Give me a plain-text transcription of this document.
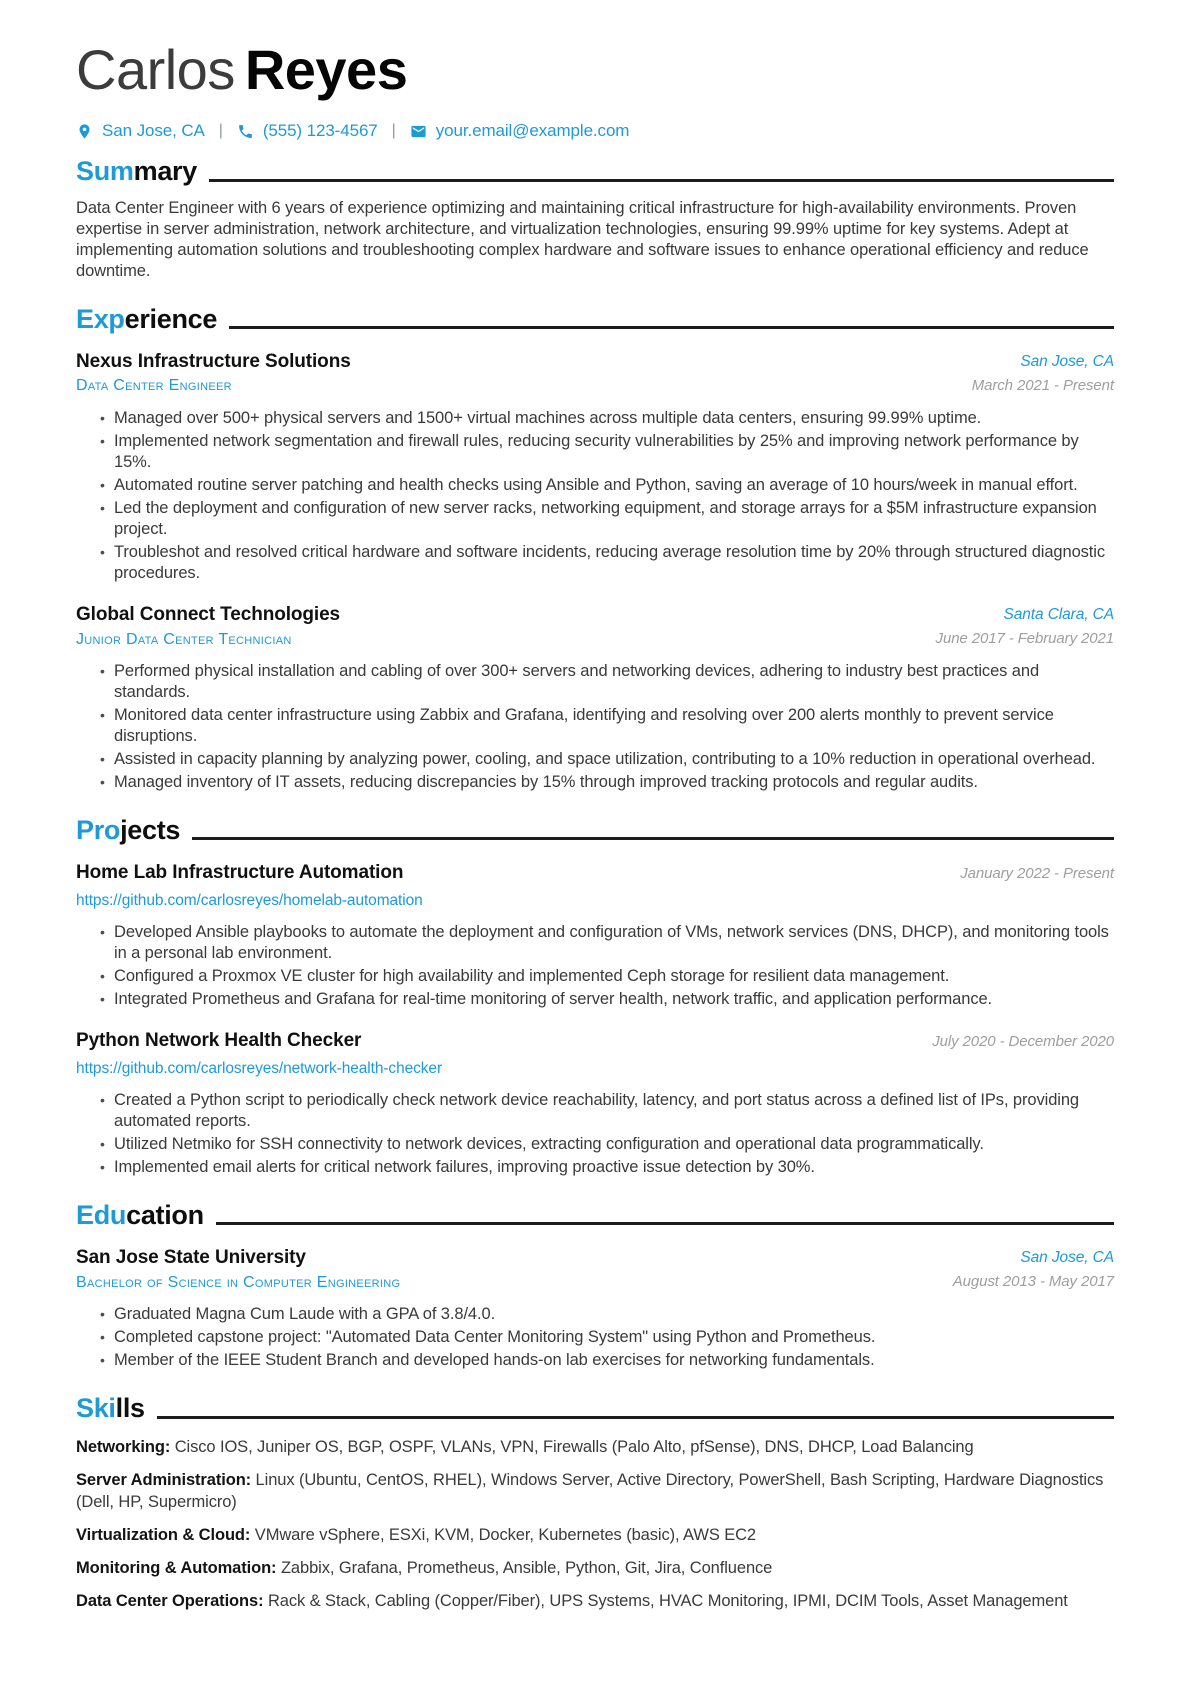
Carlos Reyes
San Jose, CA | (555) 123-4567 | your.email@example.com
Summary

Data Center Engineer with 6 years of experience optimizing and maintaining critical infrastructure for high-availability environments. Proven expertise in server administration, network architecture, and virtualization technologies, ensuring 99.99% uptime for key systems. Adept at implementing automation solutions and troubleshooting complex hardware and software issues to enhance operational efficiency and reduce downtime.

Experience
Nexus Infrastructure Solutions
Data Center Engineer
San Jose, CA
March 2021 - Present
• Managed over 500+ physical servers and 1500+ virtual machines across multiple data centers, ensuring 99.99% uptime.
• Implemented network segmentation and firewall rules, reducing security vulnerabilities by 25% and improving network performance by 15%.
• Automated routine server patching and health checks using Ansible and Python, saving an average of 10 hours/week in manual effort.
• Led the deployment and configuration of new server racks, networking equipment, and storage arrays for a $5M infrastructure expansion project.
• Troubleshot and resolved critical hardware and software incidents, reducing average resolution time by 20% through structured diagnostic procedures.
Global Connect Technologies
Junior Data Center Technician
Santa Clara, CA
June 2017 - February 2021
• Performed physical installation and cabling of over 300+ servers and networking devices, adhering to industry best practices and standards.
• Monitored data center infrastructure using Zabbix and Grafana, identifying and resolving over 200 alerts monthly to prevent service disruptions.
• Assisted in capacity planning by analyzing power, cooling, and space utilization, contributing to a 10% reduction in operational overhead.
• Managed inventory of IT assets, reducing discrepancies by 15% through improved tracking protocols and regular audits.
Projects
Home Lab Infrastructure Automation	January 2022 - Present
https://github.com/carlosreyes/homelab-automation
• Developed Ansible playbooks to automate the deployment and configuration of VMs, network services (DNS, DHCP), and monitoring tools in a personal lab environment.
• Configured a Proxmox VE cluster for high availability and implemented Ceph storage for resilient data management.
• Integrated Prometheus and Grafana for real-time monitoring of server health, network traffic, and application performance.
Python Network Health Checker	July 2020 - December 2020
https://github.com/carlosreyes/network-health-checker
• Created a Python script to periodically check network device reachability, latency, and port status across a defined list of IPs, providing automated reports.
• Utilized Netmiko for SSH connectivity to network devices, extracting configuration and operational data programmatically.
• Implemented email alerts for critical network failures, improving proactive issue detection by 30%.
Education
San Jose State University
Bachelor of Science in Computer Engineering
San Jose, CA
August 2013 - May 2017
• Graduated Magna Cum Laude with a GPA of 3.8/4.0.
• Completed capstone project: "Automated Data Center Monitoring System" using Python and Prometheus.
• Member of the IEEE Student Branch and developed hands-on lab exercises for networking fundamentals.
Skills

Networking: Cisco IOS, Juniper OS, BGP, OSPF, VLANs, VPN, Firewalls (Palo Alto, pfSense), DNS, DHCP, Load Balancing

Server Administration: Linux (Ubuntu, CentOS, RHEL), Windows Server, Active Directory, PowerShell, Bash Scripting, Hardware Diagnostics (Dell, HP, Supermicro)

Virtualization & Cloud: VMware vSphere, ESXi, KVM, Docker, Kubernetes (basic), AWS EC2

Monitoring & Automation: Zabbix, Grafana, Prometheus, Ansible, Python, Git, Jira, Confluence

Data Center Operations: Rack & Stack, Cabling (Copper/Fiber), UPS Systems, HVAC Monitoring, IPMI, DCIM Tools, Asset Management
